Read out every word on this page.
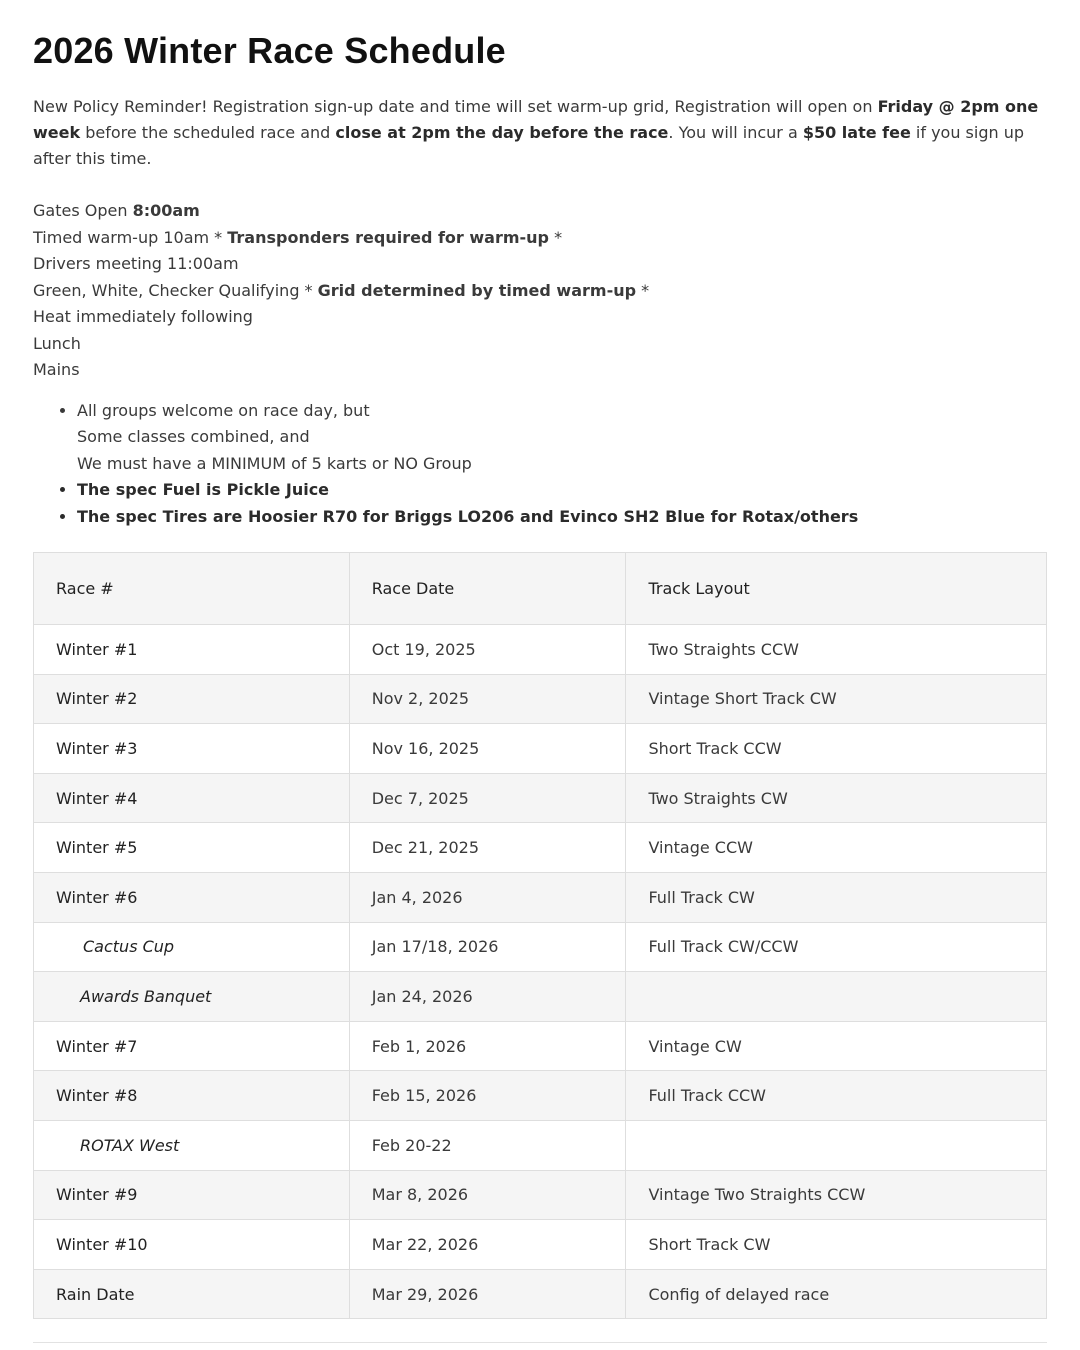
2026 Winter Race Schedule
New Policy Reminder! Registration sign-up date and time will set warm-up grid, Registration will open on Friday @ 2pm one week before the scheduled race and close at 2pm the day before the race. You will incur a $50 late fee if you sign up after this time.
Gates Open 8:00am
Timed warm-up 10am * Transponders required for warm-up *
Drivers meeting 11:00am
Green, White, Checker Qualifying * Grid determined by timed warm-up *
Heat immediately following
Lunch
Mains
• All groups welcome on race day, but
Some classes combined, and
We must have a MINIMUM of 5 karts or NO Group
• The spec Fuel is Pickle Juice
• The spec Tires are Hoosier R70 for Briggs LO206 and Evinco SH2 Blue for Rotax/others
Race #	Race Date	Track Layout
Winter #1	Oct 19, 2025	Two Straights CCW
Winter #2	Nov 2, 2025	Vintage Short Track CW
Winter #3	Nov 16, 2025	Short Track CCW
Winter #4	Dec 7, 2025	Two Straights CW
Winter #5	Dec 21, 2025	Vintage CCW
Winter #6	Jan 4, 2026	Full Track CW
Cactus Cup	Jan 17/18, 2026	Full Track CW/CCW
Awards Banquet	Jan 24, 2026	
Winter #7	Feb 1, 2026	Vintage CW
Winter #8	Feb 15, 2026	Full Track CCW
ROTAX West	Feb 20-22	
Winter #9	Mar 8, 2026	Vintage Two Straights CCW
Winter #10	Mar 22, 2026	Short Track CW
Rain Date	Mar 29, 2026	Config of delayed race
